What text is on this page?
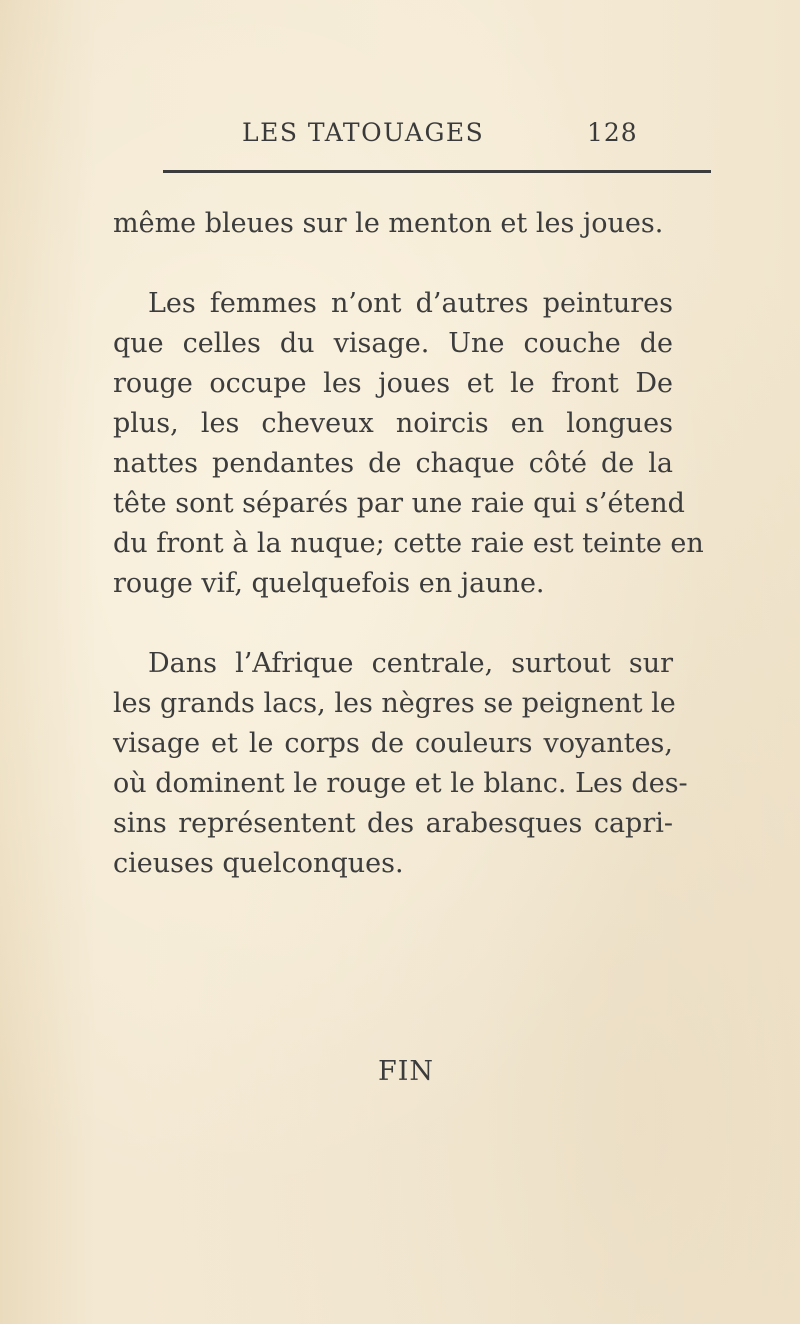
LES TATOUAGES	128

même bleues sur le menton et les joues.

Les femmes n’ont d’autres peintures
que celles du visage. Une couche de
rouge occupe les joues et le front De
plus, les cheveux noircis en longues
nattes pendantes de chaque côté de la
tête sont séparés par une raie qui s’étend
du front à la nuque; cette raie est teinte en
rouge vif, quelquefois en jaune.

Dans l’Afrique centrale, surtout sur
les grands lacs, les nègres se peignent le
visage et le corps de couleurs voyantes,
où dominent le rouge et le blanc. Les des-
sins représentent des arabesques capri-
cieuses quelconques.

FIN
